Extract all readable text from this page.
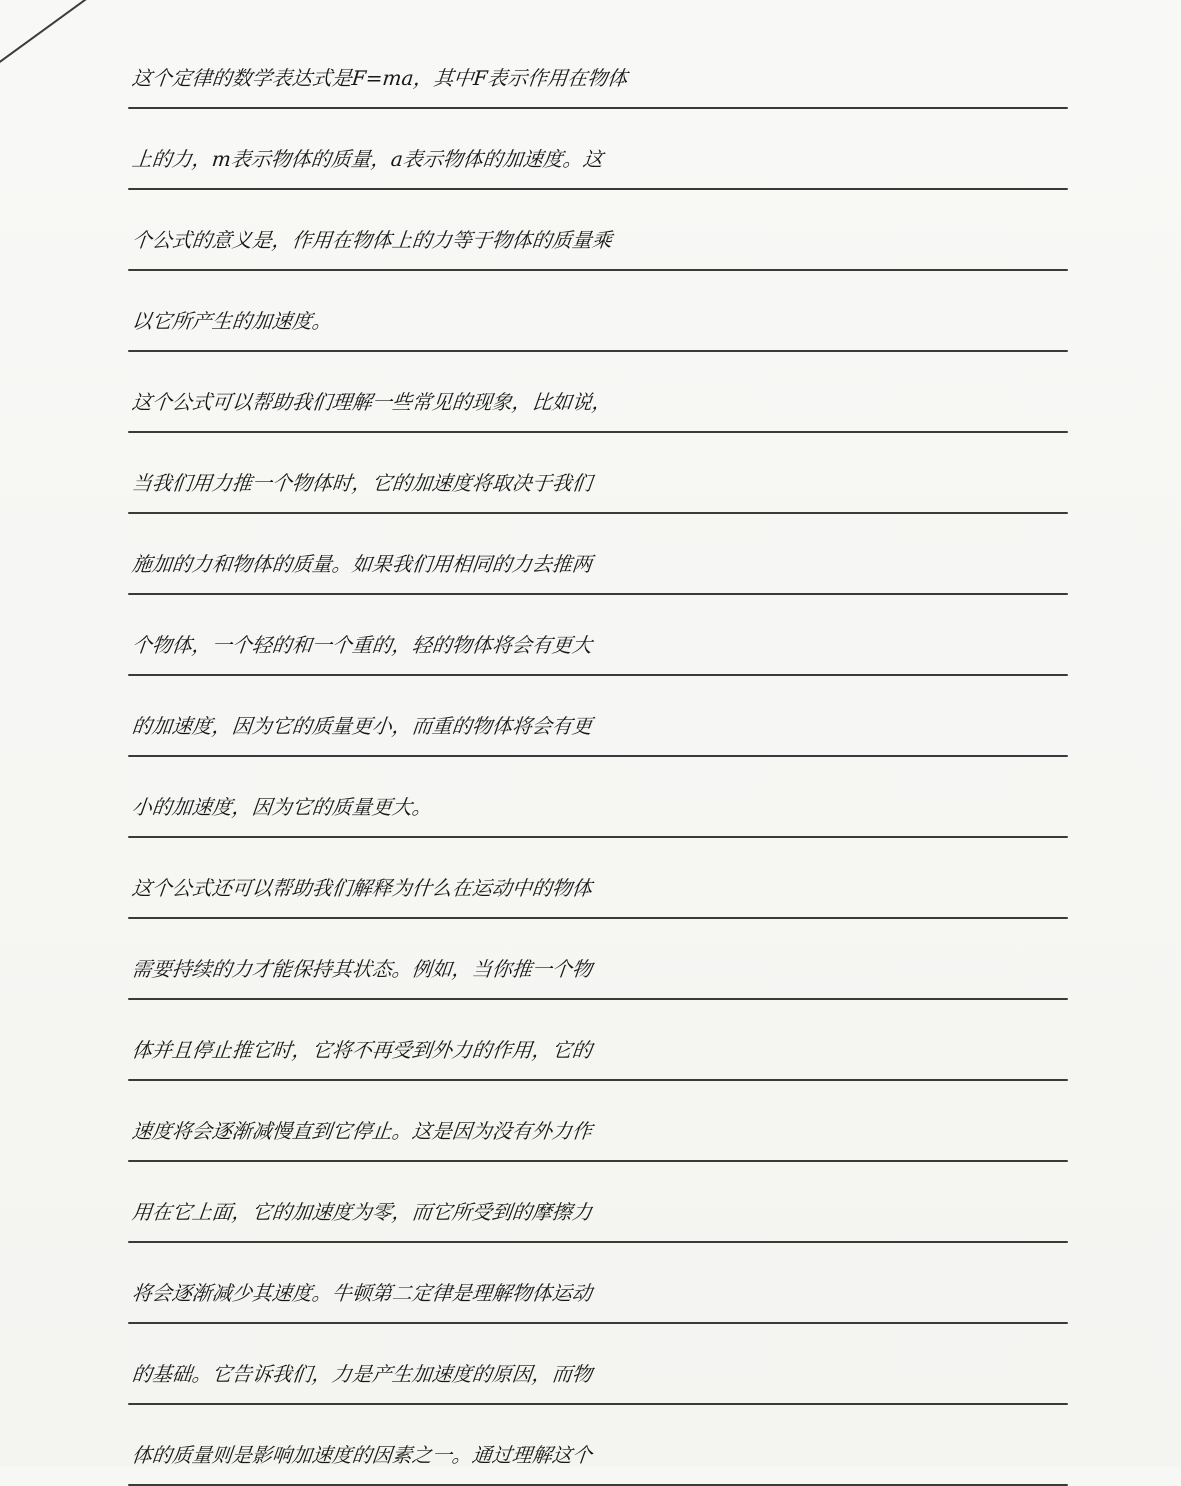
这个定律的数学表达式是F=ma，其中F表示作用在物体
上的力，m表示物体的质量，a表示物体的加速度。这
个公式的意义是，作用在物体上的力等于物体的质量乘
以它所产生的加速度。
这个公式可以帮助我们理解一些常见的现象，比如说，
当我们用力推一个物体时，它的加速度将取决于我们
施加的力和物体的质量。如果我们用相同的力去推两
个物体，一个轻的和一个重的，轻的物体将会有更大
的加速度，因为它的质量更小，而重的物体将会有更
小的加速度，因为它的质量更大。
这个公式还可以帮助我们解释为什么在运动中的物体
需要持续的力才能保持其状态。例如，当你推一个物
体并且停止推它时，它将不再受到外力的作用，它的
速度将会逐渐减慢直到它停止。这是因为没有外力作
用在它上面，它的加速度为零，而它所受到的摩擦力
将会逐渐减少其速度。牛顿第二定律是理解物体运动
的基础。它告诉我们，力是产生加速度的原因，而物
体的质量则是影响加速度的因素之一。通过理解这个
